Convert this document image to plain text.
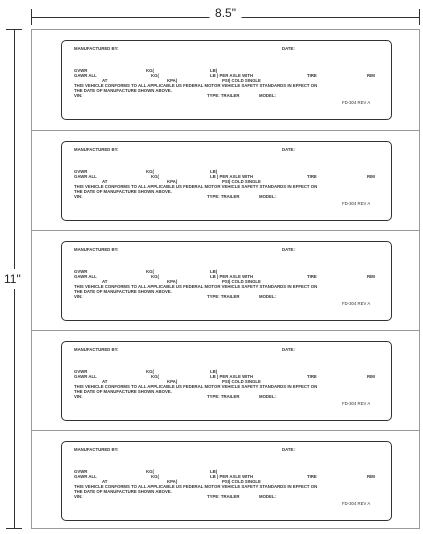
8.5"
11"
MANUFACTURED BY:	DATE:
GVWR	KG(	LB)
GAWR ALL	KG(	LB ) PER AXLE WITH	TIRE	RIM
AT	KPA(	PSI) COLD SINGLE
THIS VEHICLE CONFORMS TO ALL APPLICABLE US FEDERAL MOTOR VEHICLE SAFETY STANDARDS IN EFFECT ON
THE DATE OF MANUFACTURE SHOWN ABOVE.
VIN:	TYPE: TRAILER	MODEL:
FD-304 REV A
MANUFACTURED BY:	DATE:
GVWR	KG(	LB)
GAWR ALL	KG(	LB ) PER AXLE WITH	TIRE	RIM
AT	KPA(	PSI) COLD SINGLE
THIS VEHICLE CONFORMS TO ALL APPLICABLE US FEDERAL MOTOR VEHICLE SAFETY STANDARDS IN EFFECT ON
THE DATE OF MANUFACTURE SHOWN ABOVE.
VIN:	TYPE: TRAILER	MODEL:
FD-304 REV A
MANUFACTURED BY:	DATE:
GVWR	KG(	LB)
GAWR ALL	KG(	LB ) PER AXLE WITH	TIRE	RIM
AT	KPA(	PSI) COLD SINGLE
THIS VEHICLE CONFORMS TO ALL APPLICABLE US FEDERAL MOTOR VEHICLE SAFETY STANDARDS IN EFFECT ON
THE DATE OF MANUFACTURE SHOWN ABOVE.
VIN:	TYPE: TRAILER	MODEL:
FD-304 REV A
MANUFACTURED BY:	DATE:
GVWR	KG(	LB)
GAWR ALL	KG(	LB ) PER AXLE WITH	TIRE	RIM
AT	KPA(	PSI) COLD SINGLE
THIS VEHICLE CONFORMS TO ALL APPLICABLE US FEDERAL MOTOR VEHICLE SAFETY STANDARDS IN EFFECT ON
THE DATE OF MANUFACTURE SHOWN ABOVE.
VIN:	TYPE: TRAILER	MODEL:
FD-304 REV A
MANUFACTURED BY:	DATE:
GVWR	KG(	LB)
GAWR ALL	KG(	LB ) PER AXLE WITH	TIRE	RIM
AT	KPA(	PSI) COLD SINGLE
THIS VEHICLE CONFORMS TO ALL APPLICABLE US FEDERAL MOTOR VEHICLE SAFETY STANDARDS IN EFFECT ON
THE DATE OF MANUFACTURE SHOWN ABOVE.
VIN:	TYPE: TRAILER	MODEL:
FD-304 REV A
